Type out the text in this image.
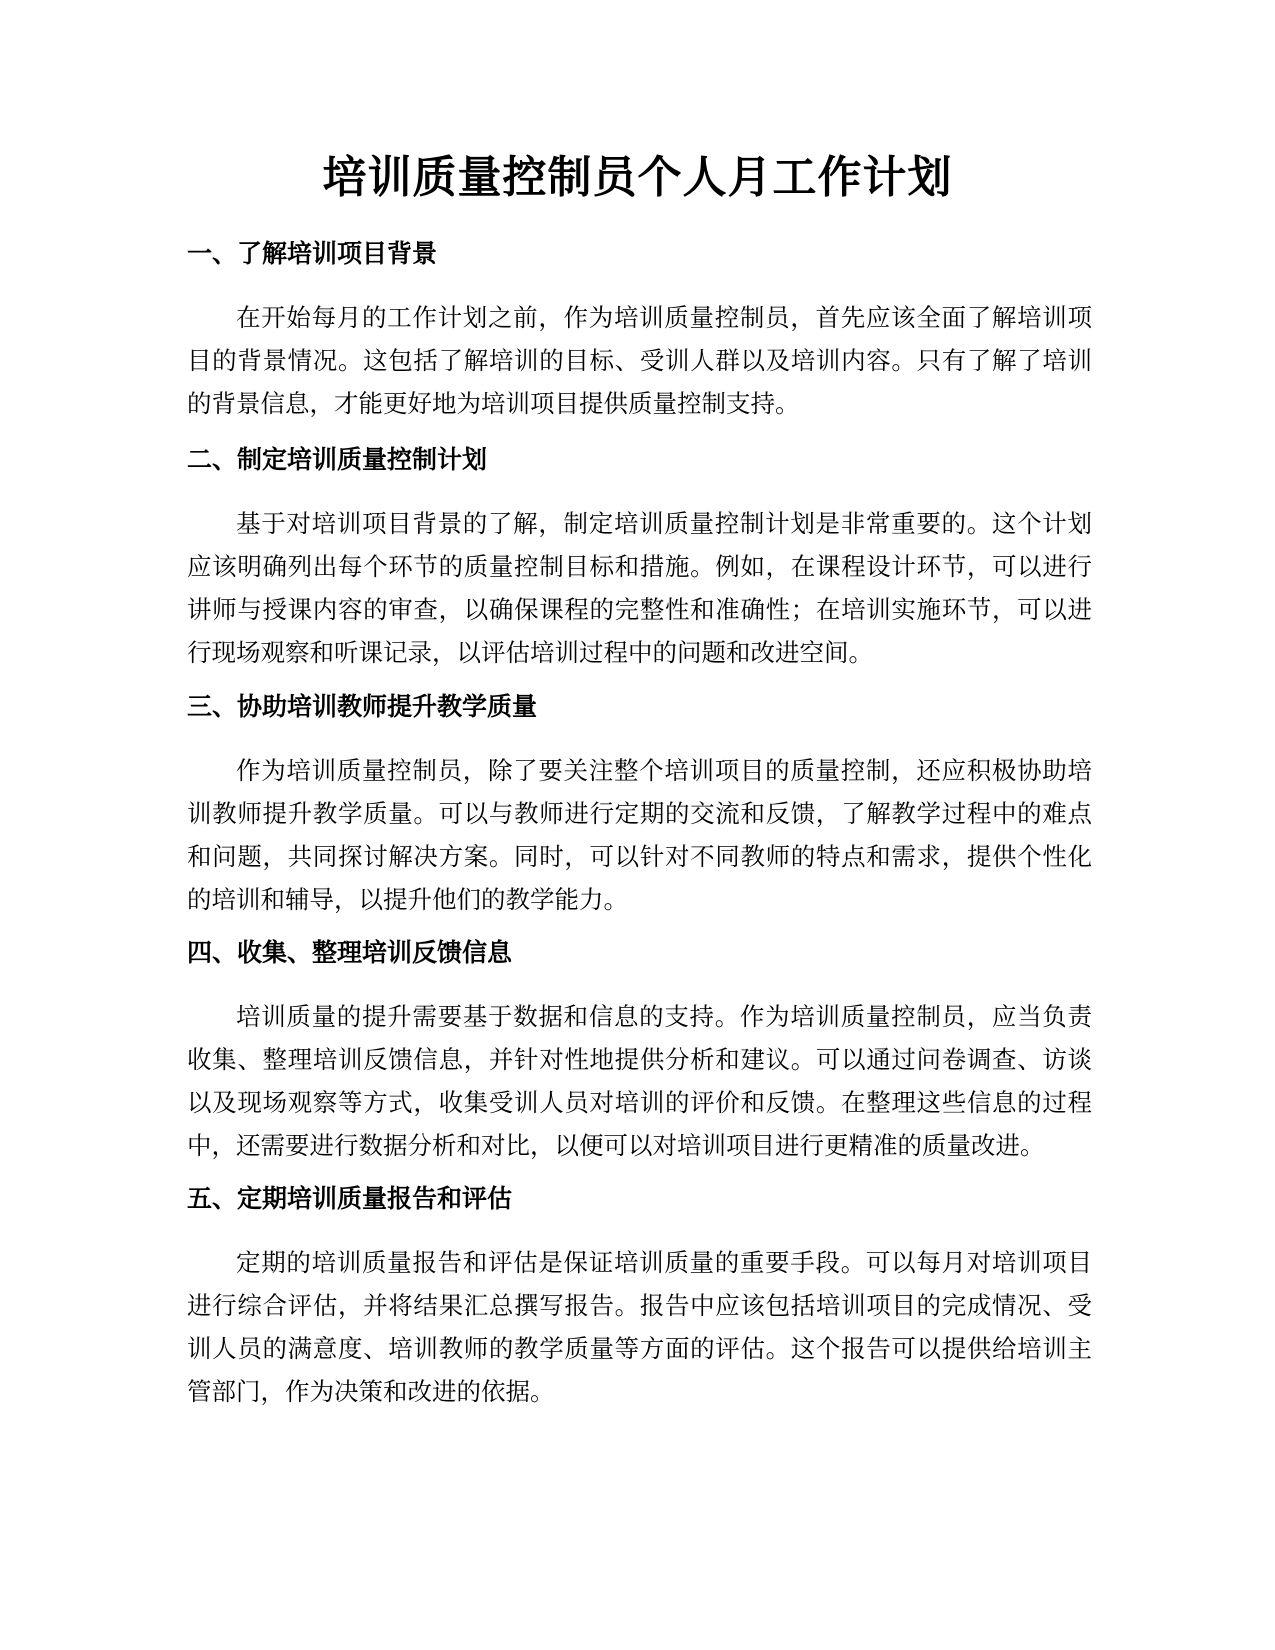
培训质量控制员个人月工作计划
一、了解培训项目背景

在开始每月的工作计划之前，作为培训质量控制员，首先应该全面了解培训项目的背景情况。这包括了解培训的目标、受训人群以及培训内容。只有了解了培训的背景信息，才能更好地为培训项目提供质量控制支持。

二、制定培训质量控制计划

基于对培训项目背景的了解，制定培训质量控制计划是非常重要的。这个计划应该明确列出每个环节的质量控制目标和措施。例如，在课程设计环节，可以进行讲师与授课内容的审查，以确保课程的完整性和准确性；在培训实施环节，可以进行现场观察和听课记录，以评估培训过程中的问题和改进空间。

三、协助培训教师提升教学质量

作为培训质量控制员，除了要关注整个培训项目的质量控制，还应积极协助培训教师提升教学质量。可以与教师进行定期的交流和反馈，了解教学过程中的难点和问题，共同探讨解决方案。同时，可以针对不同教师的特点和需求，提供个性化的培训和辅导，以提升他们的教学能力。

四、收集、整理培训反馈信息

培训质量的提升需要基于数据和信息的支持。作为培训质量控制员，应当负责收集、整理培训反馈信息，并针对性地提供分析和建议。可以通过问卷调查、访谈以及现场观察等方式，收集受训人员对培训的评价和反馈。在整理这些信息的过程中，还需要进行数据分析和对比，以便可以对培训项目进行更精准的质量改进。

五、定期培训质量报告和评估

定期的培训质量报告和评估是保证培训质量的重要手段。可以每月对培训项目进行综合评估，并将结果汇总撰写报告。报告中应该包括培训项目的完成情况、受训人员的满意度、培训教师的教学质量等方面的评估。这个报告可以提供给培训主管部门，作为决策和改进的依据。
